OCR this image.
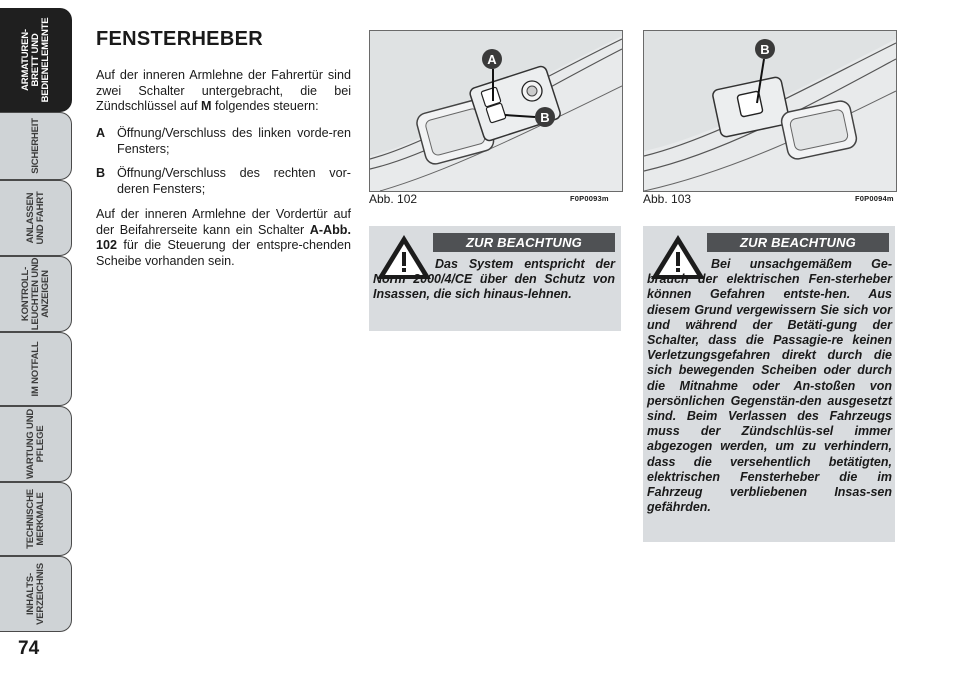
ARMATUREN-
BRETT UND
BEDIENELEMENTE
SICHERHEIT
ANLASSEN
UND FAHRT
KONTROLL-
LEUCHTEN UND
ANZEIGEN
IM NOTFALL
WARTUNG UND
PFLEGE
TECHNISCHE
MERKMALE
INHALTS-
VERZEICHNIS
74
FENSTERHEBER
Auf der inneren Armlehne der Fahrertür sind zwei Schalter untergebracht, die bei Zündschlüssel auf M folgendes steuern:
A Öffnung/Verschluss des linken vorde-ren Fensters;
B Öffnung/Verschluss des rechten vor-deren Fensters;
Auf der inneren Armlehne der Vordertür auf der Beifahrerseite kann ein Schalter A-Abb. 102 für die Steuerung der entspre-chenden Scheibe vorhanden sein.
A
B
Abb. 102	F0P0093m
B
Abb. 103	F0P0094m
ZUR BEACHTUNG
Das System entspricht der Norm 2000/4/CE über den Schutz von Insassen, die sich hinaus-lehnen.
ZUR BEACHTUNG
Bei unsachgemäßem Ge-brauch der elektrischen Fen-sterheber können Gefahren entste-hen. Aus diesem Grund vergewissern Sie sich vor und während der Betäti-gung der Schalter, dass die Passagie-re keinen Verletzungsgefahren direkt durch die sich bewegenden Scheiben oder durch die Mitnahme oder An-stoßen von persönlichen Gegenstän-den ausgesetzt sind. Beim Verlassen des Fahrzeugs muss der Zündschlüs-sel immer abgezogen werden, um zu verhindern, dass die versehentlich betätigten, elektrischen Fensterheber die im Fahrzeug verbliebenen Insas-sen gefährden.
